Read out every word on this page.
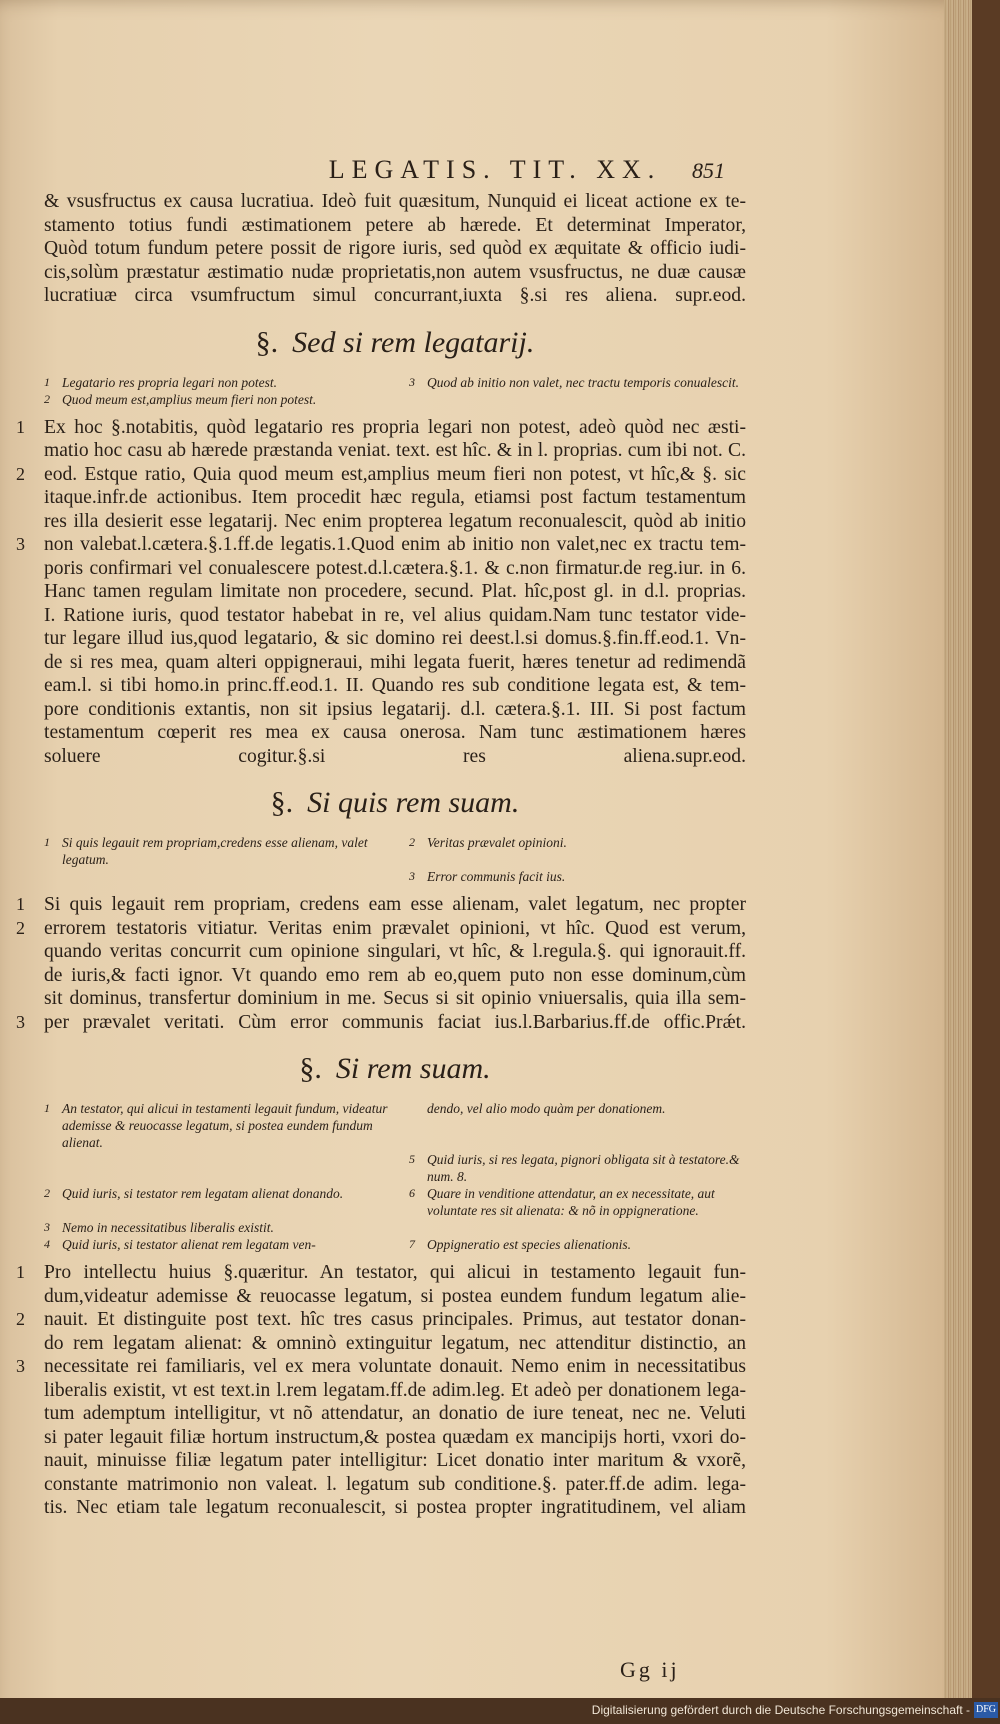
LEGATIS. TIT. XX.	851
& vsusfructus ex causa lucratiua. Ideò fuit quæsitum, Nunquid ei liceat actione ex te-
stamento totius fundi æstimationem petere ab hærede. Et determinat Imperator,
Quòd totum fundum petere possit de rigore iuris, sed quòd ex æquitate & officio iudi-
cis,solùm præstatur æstimatio nudæ proprietatis,non autem vsusfructus, ne duæ causæ
lucratiuæ circa vsumfructum simul concurrant,iuxta §.si res aliena. supr.eod.
§. Sed si rem legatarij.
1 Legatario res propria legari non potest.	3 Quod ab initio non valet, nec tractu temporis conualescit.
2 Quod meum est,amplius meum fieri non potest.
1 Ex hoc §.notabitis, quòd legatario res propria legari non potest, adeò quòd nec æsti-
matio hoc casu ab hærede præstanda veniat. text. est hîc. & in l. proprias. cum ibi not. C.
2 eod. Estque ratio, Quia quod meum est,amplius meum fieri non potest, vt hîc,& §. sic
itaque.infr.de actionibus. Item procedit hæc regula, etiamsi post factum testamentum
res illa desierit esse legatarij. Nec enim propterea legatum reconualescit, quòd ab initio
3 non valebat.l.cætera.§.1.ff.de legatis.1.Quod enim ab initio non valet,nec ex tractu tem-
poris confirmari vel conualescere potest.d.l.cætera.§.1. & c.non firmatur.de reg.iur. in 6.
Hanc tamen regulam limitate non procedere, secund. Plat. hîc,post gl. in d.l. proprias.
I. Ratione iuris, quod testator habebat in re, vel alius quidam.Nam tunc testator vide-
tur legare illud ius,quod legatario, & sic domino rei deest.l.si domus.§.fin.ff.eod.1. Vn-
de si res mea, quam alteri oppigneraui, mihi legata fuerit, hæres tenetur ad redimendã
eam.l. si tibi homo.in princ.ff.eod.1. II. Quando res sub conditione legata est, & tem-
pore conditionis extantis, non sit ipsius legatarij. d.l. cætera.§.1. III. Si post factum
testamentum cœperit res mea ex causa onerosa. Nam tunc æstimationem hæres
soluere cogitur.§.si res aliena.supr.eod.
§. Si quis rem suam.
1 Si quis legauit rem propriam,credens esse alienam, valet legatum.
2 Veritas prævalet opinioni.
3 Error communis facit ius.
1 Si quis legauit rem propriam, credens eam esse alienam, valet legatum, nec propter
2 errorem testatoris vitiatur. Veritas enim prævalet opinioni, vt hîc. Quod est verum,
quando veritas concurrit cum opinione singulari, vt hîc, & l.regula.§. qui ignorauit.ff.
de iuris,& facti ignor. Vt quando emo rem ab eo,quem puto non esse dominum,cùm
sit dominus, transfertur dominium in me. Secus si sit opinio vniuersalis, quia illa sem-
3 per prævalet veritati. Cùm error communis faciat ius.l.Barbarius.ff.de offic.Prǽt.
§. Si rem suam.
1 An testator, qui alicui in testamenti legauit fundum, videatur ademisse & reuocasse legatum, si postea eundem fundum alienat.
dendo, vel alio modo quàm per donationem.
5 Quid iuris, si res legata, pignori obligata sit à testatore.& num. 8.
2 Quid iuris, si testator rem legatam alienat donando.	6 Quare in venditione attendatur, an ex necessitate, aut voluntate res sit alienata: & nõ in oppigneratione.
3 Nemo in necessitatibus liberalis existit.
4 Quid iuris, si testator alienat rem legatam ven-	7 Oppigneratio est species alienationis.
1 Pro intellectu huius §.quæritur. An testator, qui alicui in testamento legauit fun-
dum,videatur ademisse & reuocasse legatum, si postea eundem fundum legatum alie-
2 nauit. Et distinguite post text. hîc tres casus principales. Primus, aut testator donan-
do rem legatam alienat: & omninò extinguitur legatum, nec attenditur distinctio, an
3 necessitate rei familiaris, vel ex mera voluntate donauit. Nemo enim in necessitatibus
liberalis existit, vt est text.in l.rem legatam.ff.de adim.leg. Et adeò per donationem lega-
tum ademptum intelligitur, vt nõ attendatur, an donatio de iure teneat, nec ne. Veluti
si pater legauit filiæ hortum instructum,& postea quædam ex mancipijs horti, vxori do-
nauit, minuisse filiæ legatum pater intelligitur: Licet donatio inter maritum & vxorẽ,
constante matrimonio non valeat. l. legatum sub conditione.§. pater.ff.de adim. lega-
tis. Nec etiam tale legatum reconualescit, si postea propter ingratitudinem, vel aliam
Gg ij
Digitalisierung gefördert durch die Deutsche Forschungsgemeinschaft - DFG
